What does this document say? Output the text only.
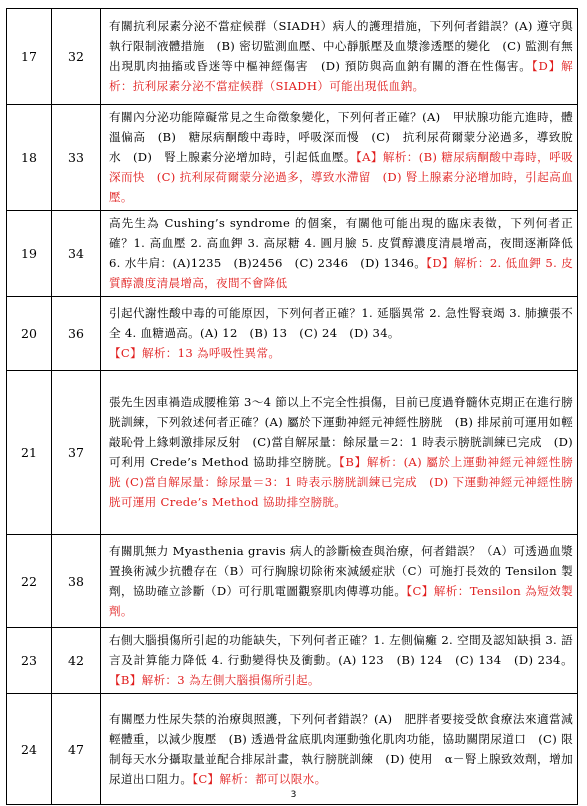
17	32	有關抗利尿素分泌不當症候群（SIADH）病人的護理措施，下列何者錯誤？(A) 遵守與執行限制液體措施　(B) 密切監測血壓、中心靜脈壓及血漿滲透壓的變化　(C) 監測有無出現肌肉抽搐或昏迷等中樞神經傷害　(D) 預防與高血鈉有關的潛在性傷害。【D】解析：抗利尿素分泌不當症候群（SIADH）可能出現低血鈉。
18	33	有關內分泌功能障礙常見之生命徵象變化，下列何者正確？(A)　甲狀腺功能亢進時，體溫偏高　(B)　糖尿病酮酸中毒時，呼吸深而慢　(C)　抗利尿荷爾蒙分泌過多，導致脫水　(D)　腎上腺素分泌增加時，引起低血壓。【A】解析：(B) 糖尿病酮酸中毒時，呼吸深而快　(C) 抗利尿荷爾蒙分泌過多，導致水滯留　(D) 腎上腺素分泌增加時，引起高血壓。
19	34	高先生為 Cushing’s syndrome 的個案，有關他可能出現的臨床表徵，下列何者正確？1. 高血壓 2. 高血鉀 3. 高尿糖 4. 圓月臉 5. 皮質醇濃度清晨增高，夜間逐漸降低 6. 水牛肩：(A)1235　(B)2456　(C) 2346　(D) 1346。【D】解析：2. 低血鉀 5. 皮質醇濃度清晨增高，夜間不會降低
20	36	引起代謝性酸中毒的可能原因，下列何者正確？1. 延腦異常 2. 急性腎衰竭 3. 肺擴張不全 4. 血糖過高。(A) 12　(B) 13　(C) 24　(D) 34。
【C】解析：13 為呼吸性異常。
21	37	張先生因車禍造成腰椎第 3～4 節以上不完全性損傷，目前已度過脊髓休克期正在進行膀胱訓練，下列敘述何者正確？(A) 屬於下運動神經元神經性膀胱　(B) 排尿前可運用如輕敲恥骨上緣刺激排尿反射　(C)當自解尿量：餘尿量＝2：1 時表示膀胱訓練已完成　(D) 可利用 Crede’s Method 協助排空膀胱。【B】解析：(A) 屬於上運動神經元神經性膀胱 (C)當自解尿量：餘尿量＝3：1 時表示膀胱訓練已完成　(D) 下運動神經元神經性膀胱可運用 Crede’s Method 協助排空膀胱。
22	38	有關肌無力 Myasthenia gravis 病人的診斷檢查與治療，何者錯誤？（A）可透過血漿置換術減少抗體存在（B）可行胸腺切除術來減緩症狀（C）可施打長效的 Tensilon 製劑，協助確立診斷（D）可行肌電圖觀察肌肉傳導功能。【C】解析：Tensilon 為短效製劑。
23	42	右側大腦損傷所引起的功能缺失，下列何者正確？1. 左側偏癱 2. 空間及認知缺損 3. 語言及計算能力降低 4. 行動變得快及衝動。(A) 123　(B) 124　(C) 134　(D) 234。【B】解析：3 為左側大腦損傷所引起。
24	47	有關壓力性尿失禁的治療與照護，下列何者錯誤？(A)　肥胖者要接受飲食療法來適當減輕體重，以減少腹壓　(B) 透過骨盆底肌肉運動強化肌肉功能，協助關閉尿道口　(C) 限制每天水分攝取量並配合排尿計畫，執行膀胱訓練　(D) 使用　α－腎上腺致效劑，增加尿道出口阻力。【C】解析：都可以限水。
3
